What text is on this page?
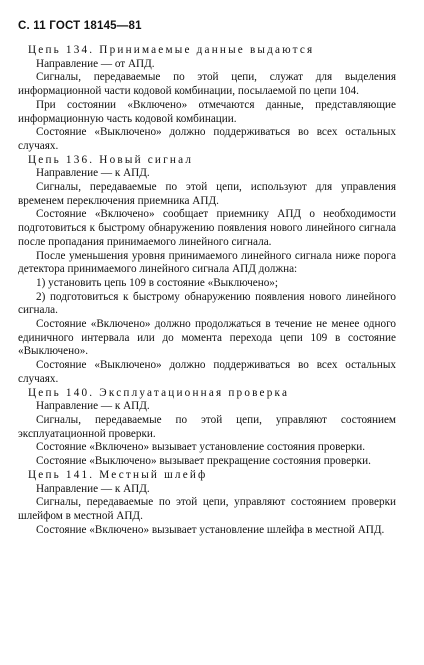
С. 11 ГОСТ 18145—81
Цепь 134. Принимаемые данные выдаются
Направление — от АПД.
Сигналы, передаваемые по этой цепи, служат для выделения информационной части кодовой комбинации, посылаемой по цепи 104.
При состоянии «Включено» отмечаются данные, представляющие информационную часть кодовой комбинации.
Состояние «Выключено» должно поддерживаться во всех остальных случаях.
Цепь 136. Новый сигнал
Направление — к АПД.
Сигналы, передаваемые по этой цепи, используют для управления временем переключения приемника АПД.
Состояние «Включено» сообщает приемнику АПД о необходимости подготовиться к быстрому обнаружению появления нового линейного сигнала после пропадания принимаемого линейного сигнала.
После уменьшения уровня принимаемого линейного сигнала ниже порога детектора принимаемого линейного сигнала АПД должна:
1) установить цепь 109 в состояние «Выключено»;
2) подготовиться к быстрому обнаружению появления нового линейного сигнала.
Состояние «Включено» должно продолжаться в течение не менее одного единичного интервала или до момента перехода цепи 109 в состояние «Выключено».
Состояние «Выключено» должно поддерживаться во всех остальных случаях.
Цепь 140. Эксплуатационная проверка
Направление — к АПД.
Сигналы, передаваемые по этой цепи, управляют состоянием эксплуатационной проверки.
Состояние «Включено» вызывает установление состояния проверки.
Состояние «Выключено» вызывает прекращение состояния проверки.
Цепь 141. Местный шлейф
Направление — к АПД.
Сигналы, передаваемые по этой цепи, управляют состоянием проверки шлейфом в местной АПД.
Состояние «Включено» вызывает установление шлейфа в местной АПД.
